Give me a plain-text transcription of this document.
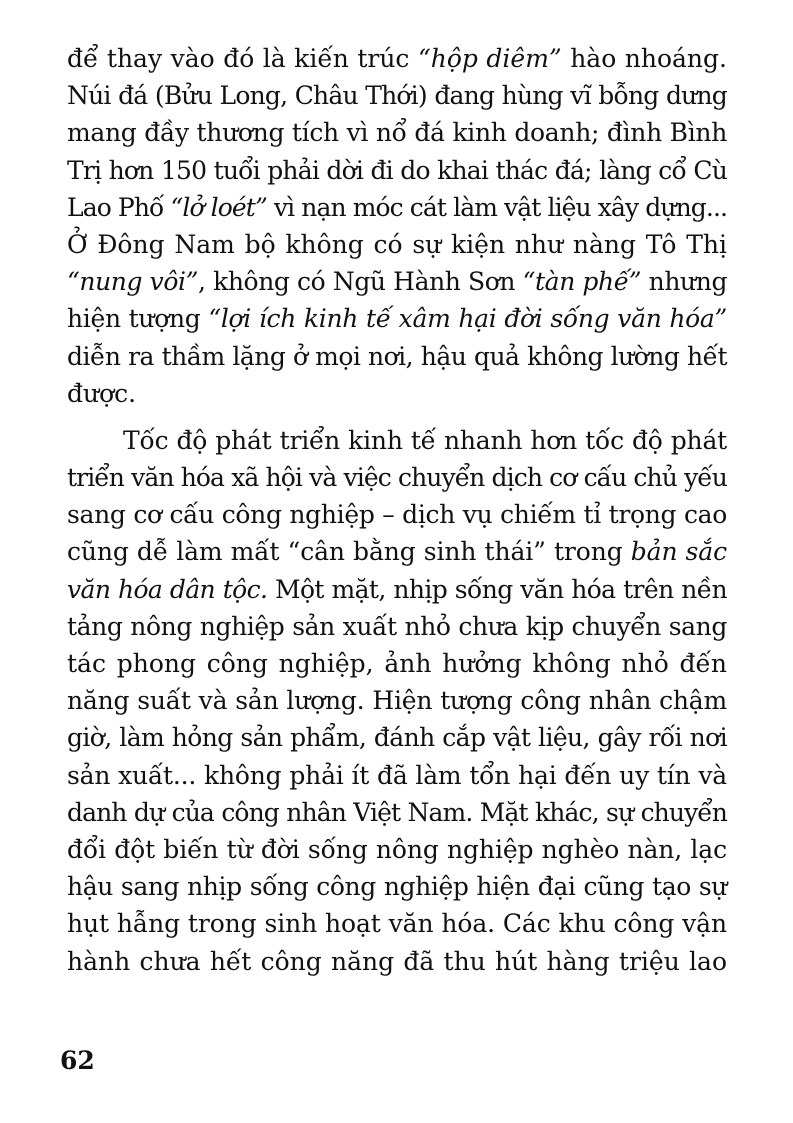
để thay vào đó là kiến trúc “hộp diêm” hào nhoáng.
Núi đá (Bửu Long, Châu Thới) đang hùng vĩ bỗng dưng
mang đầy thương tích vì nổ đá kinh doanh; đình Bình
Trị hơn 150 tuổi phải dời đi do khai thác đá; làng cổ Cù
Lao Phố “lở loét” vì nạn móc cát làm vật liệu xây dựng...
Ở Đông Nam bộ không có sự kiện như nàng Tô Thị
“nung vôi”, không có Ngũ Hành Sơn “tàn phế” nhưng
hiện tượng “lợi ích kinh tế xâm hại đời sống văn hóa”
diễn ra thầm lặng ở mọi nơi, hậu quả không lường hết
được.
Tốc độ phát triển kinh tế nhanh hơn tốc độ phát
triển văn hóa xã hội và việc chuyển dịch cơ cấu chủ yếu
sang cơ cấu công nghiệp – dịch vụ chiếm tỉ trọng cao
cũng dễ làm mất “cân bằng sinh thái” trong bản sắc
văn hóa dân tộc. Một mặt, nhịp sống văn hóa trên nền
tảng nông nghiệp sản xuất nhỏ chưa kịp chuyển sang
tác phong công nghiệp, ảnh hưởng không nhỏ đến
năng suất và sản lượng. Hiện tượng công nhân chậm
giờ, làm hỏng sản phẩm, đánh cắp vật liệu, gây rối nơi
sản xuất... không phải ít đã làm tổn hại đến uy tín và
danh dự của công nhân Việt Nam. Mặt khác, sự chuyển
đổi đột biến từ đời sống nông nghiệp nghèo nàn, lạc
hậu sang nhịp sống công nghiệp hiện đại cũng tạo sự
hụt hẫng trong sinh hoạt văn hóa. Các khu công vận
hành chưa hết công năng đã thu hút hàng triệu lao
62
